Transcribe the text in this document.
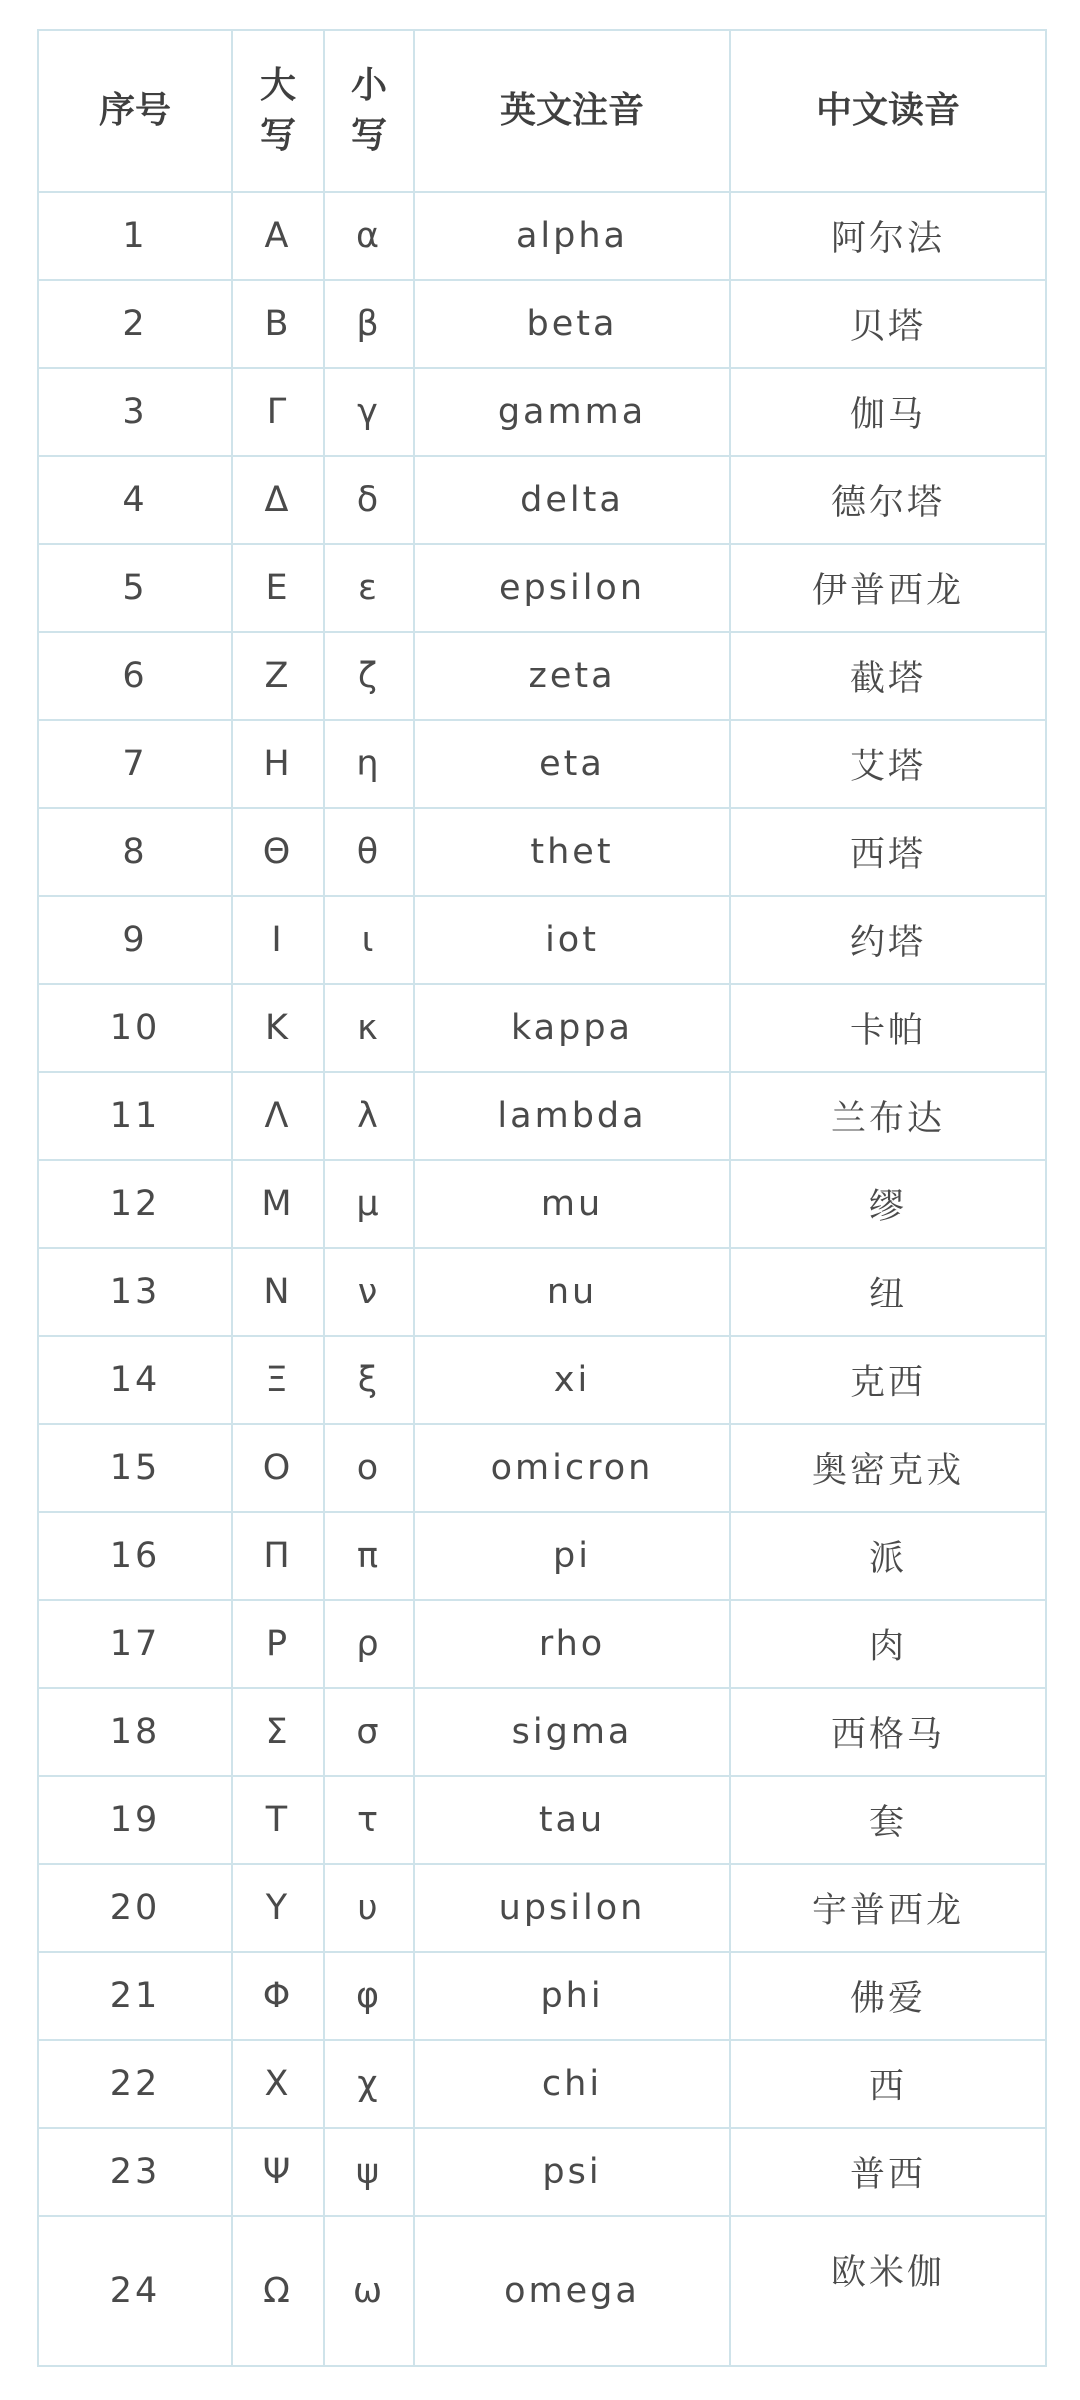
序号	大写	小写	英文注音	中文读音
1	Α	α	alpha	阿尔法
2	Β	β	beta	贝塔
3	Γ	γ	gamma	伽马
4	Δ	δ	delta	德尔塔
5	Ε	ε	epsilon	伊普西龙
6	Ζ	ζ	zeta	截塔
7	Η	η	eta	艾塔
8	Θ	θ	thet	西塔
9	Ι	ι	iot	约塔
10	Κ	κ	kappa	卡帕
11	Λ	λ	lambda	兰布达
12	Μ	μ	mu	缪
13	Ν	ν	nu	纽
14	Ξ	ξ	xi	克西
15	Ο	ο	omicron	奥密克戎
16	Π	π	pi	派
17	Ρ	ρ	rho	肉
18	Σ	σ	sigma	西格马
19	Τ	τ	tau	套
20	Υ	υ	upsilon	宇普西龙
21	Φ	φ	phi	佛爱
22	Χ	χ	chi	西
23	Ψ	ψ	psi	普西
24	Ω	ω	omega	欧米伽
